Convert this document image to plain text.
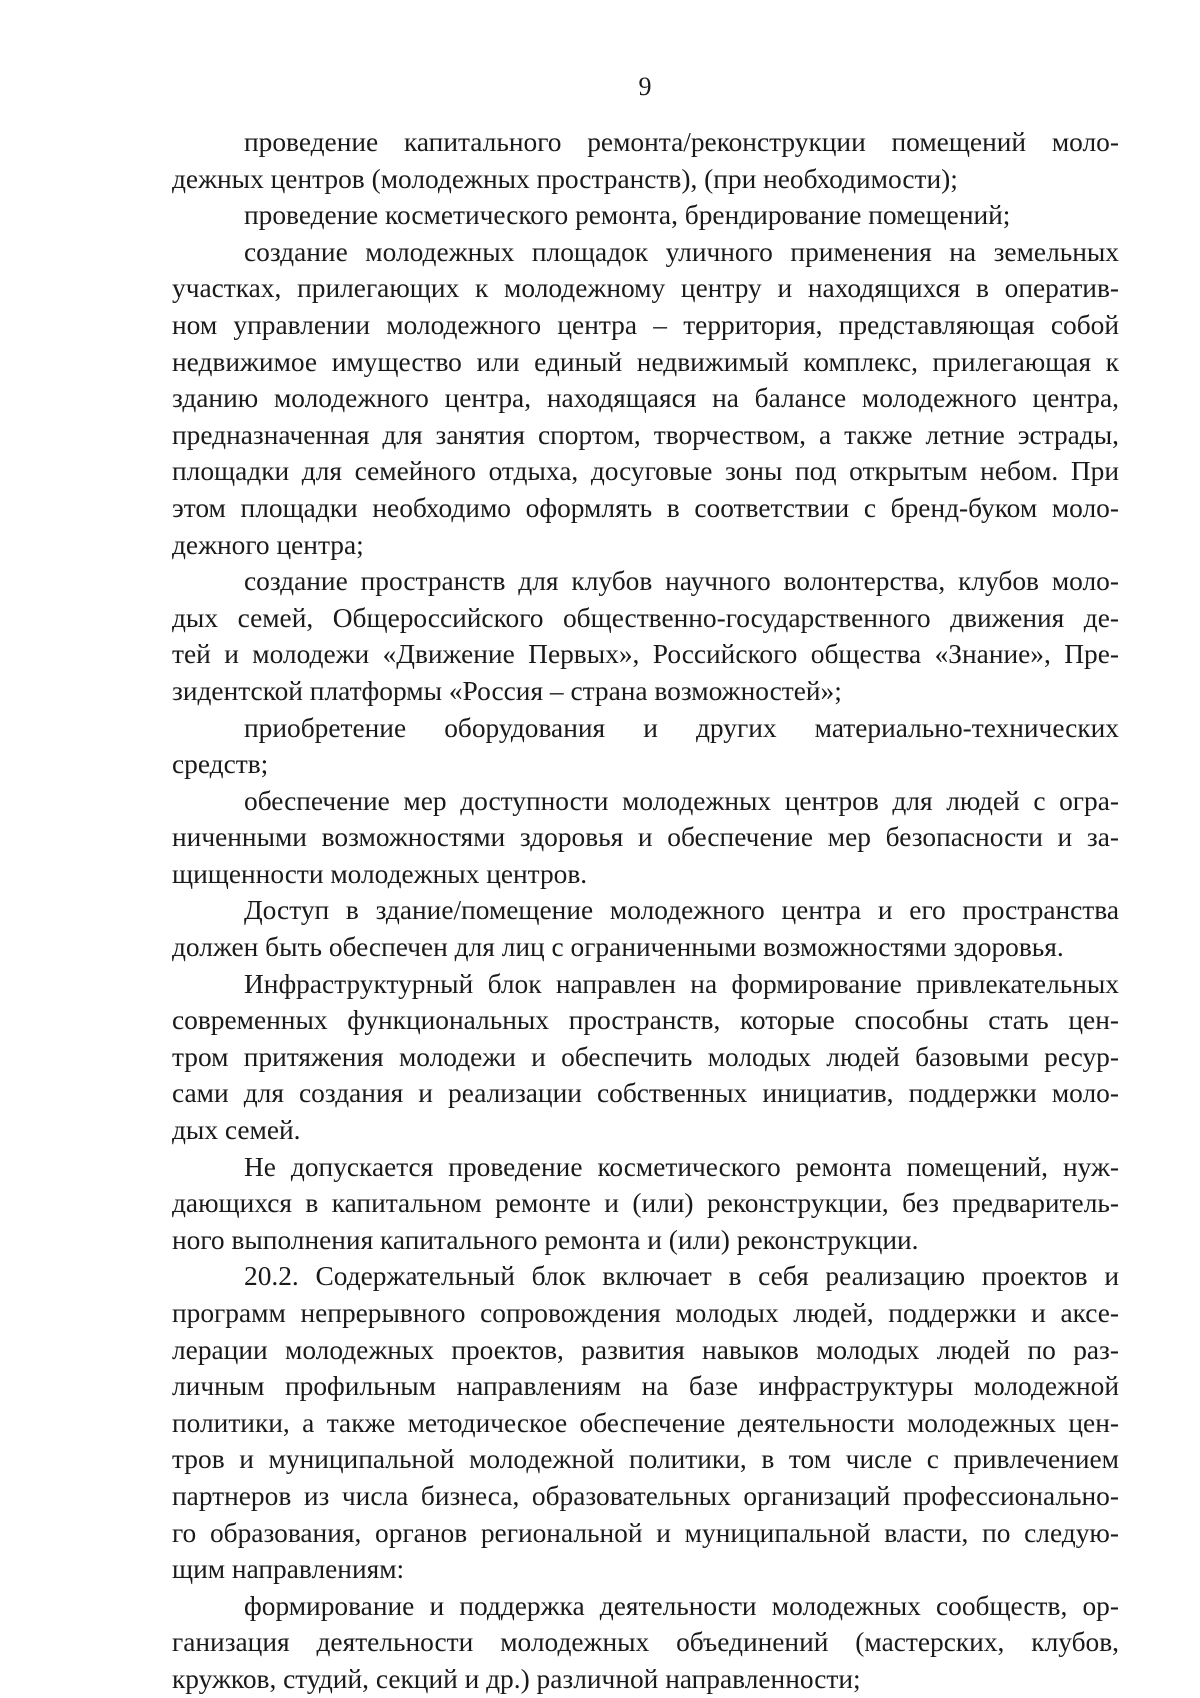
9
проведение капитального ремонта/реконструкции помещений моло-
дежных центров (молодежных пространств), (при необходимости);
проведение косметического ремонта, брендирование помещений;
создание молодежных площадок уличного применения на земельных
участках, прилегающих к молодежному центру и находящихся в оператив-
ном управлении молодежного центра – территория, представляющая собой
недвижимое имущество или единый недвижимый комплекс, прилегающая к
зданию молодежного центра, находящаяся на балансе молодежного центра,
предназначенная для занятия спортом, творчеством, а также летние эстрады,
площадки для семейного отдыха, досуговые зоны под открытым небом. При
этом площадки необходимо оформлять в соответствии с бренд-буком моло-
дежного центра;
создание пространств для клубов научного волонтерства, клубов моло-
дых семей, Общероссийского общественно-государственного движения де-
тей и молодежи «Движение Первых», Российского общества «Знание», Пре-
зидентской платформы «Россия – страна возможностей»;
приобретение оборудования и других материально-технических
средств;
обеспечение мер доступности молодежных центров для людей с огра-
ниченными возможностями здоровья и обеспечение мер безопасности и за-
щищенности молодежных центров.
Доступ в здание/помещение молодежного центра и его пространства
должен быть обеспечен для лиц с ограниченными возможностями здоровья.
Инфраструктурный блок направлен на формирование привлекательных
современных функциональных пространств, которые способны стать цен-
тром притяжения молодежи и обеспечить молодых людей базовыми ресур-
сами для создания и реализации собственных инициатив, поддержки моло-
дых семей.
Не допускается проведение косметического ремонта помещений, нуж-
дающихся в капитальном ремонте и (или) реконструкции, без предваритель-
ного выполнения капитального ремонта и (или) реконструкции.
20.2. Содержательный блок включает в себя реализацию проектов и
программ непрерывного сопровождения молодых людей, поддержки и аксе-
лерации молодежных проектов, развития навыков молодых людей по раз-
личным профильным направлениям на базе инфраструктуры молодежной
политики, а также методическое обеспечение деятельности молодежных цен-
тров и муниципальной молодежной политики, в том числе с привлечением
партнеров из числа бизнеса, образовательных организаций профессионально-
го образования, органов региональной и муниципальной власти, по следую-
щим направлениям:
формирование и поддержка деятельности молодежных сообществ, ор-
ганизация деятельности молодежных объединений (мастерских, клубов,
кружков, студий, секций и др.) различной направленности;
